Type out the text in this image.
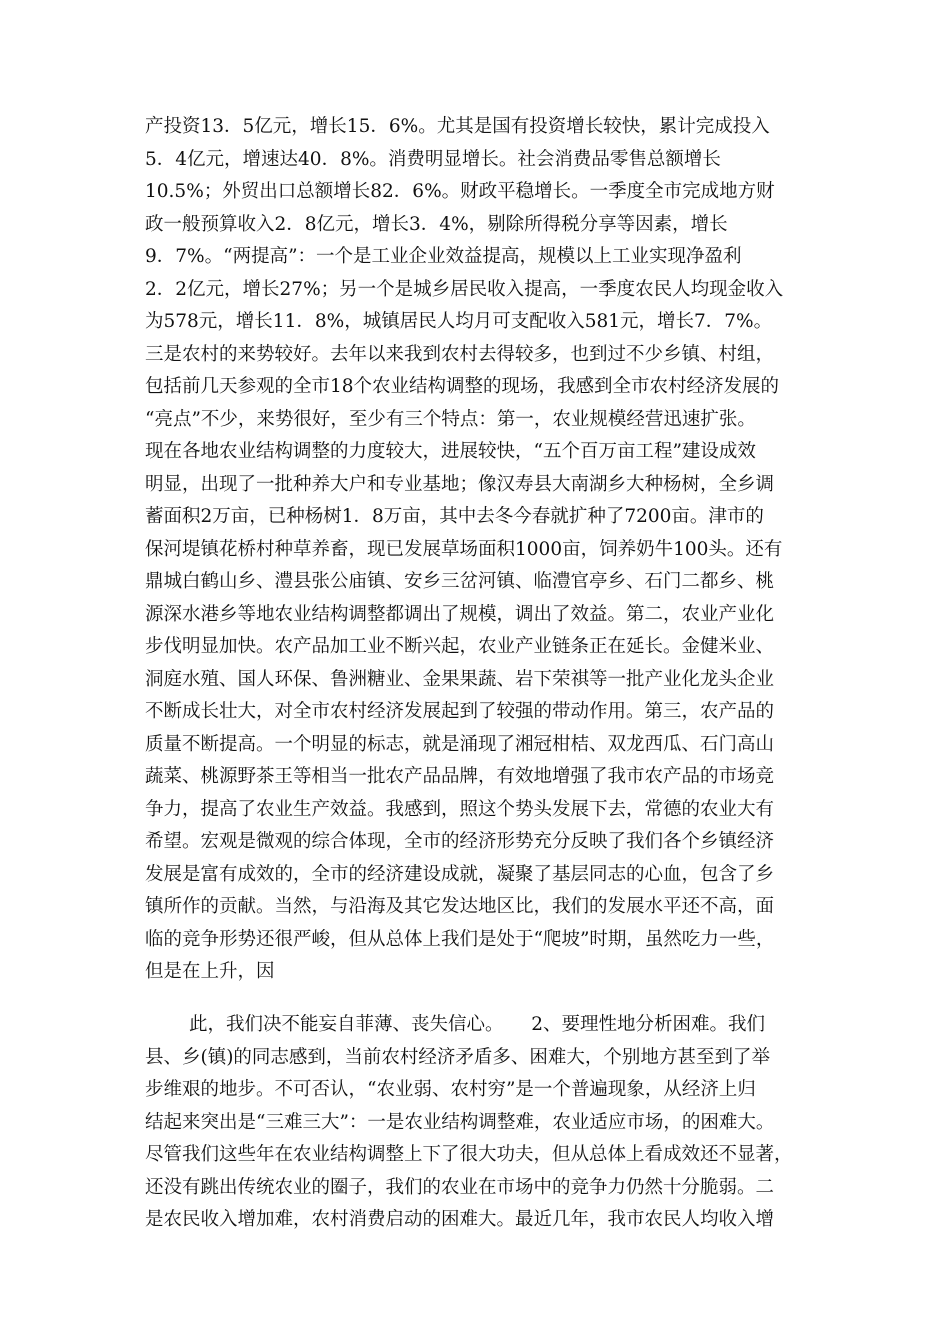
产投资13．5亿元，增长15．6%。尤其是国有投资增长较快，累计完成投入
5．4亿元，增速达40．8%。消费明显增长。社会消费品零售总额增长
10.5%；外贸出口总额增长82．6%。财政平稳增长。一季度全市完成地方财
政一般预算收入2．8亿元，增长3．4%，剔除所得税分享等因素，增长
9．7%。“两提高”：一个是工业企业效益提高，规模以上工业实现净盈利
2．2亿元，增长27%；另一个是城乡居民收入提高，一季度农民人均现金收入
为578元，增长11．8%，城镇居民人均月可支配收入581元，增长7．7%。
三是农村的来势较好。去年以来我到农村去得较多，也到过不少乡镇、村组，
包括前几天参观的全市18个农业结构调整的现场，我感到全市农村经济发展的
“亮点”不少，来势很好，至少有三个特点：第一，农业规模经营迅速扩张。
现在各地农业结构调整的力度较大，进展较快，“五个百万亩工程”建设成效
明显，出现了一批种养大户和专业基地；像汉寿县大南湖乡大种杨树，全乡调
蓄面积2万亩，已种杨树1．8万亩，其中去冬今春就扩种了7200亩。津市的
保河堤镇花桥村种草养畜，现已发展草场面积1000亩，饲养奶牛100头。还有
鼎城白鹤山乡、澧县张公庙镇、安乡三岔河镇、临澧官亭乡、石门二都乡、桃
源深水港乡等地农业结构调整都调出了规模，调出了效益。第二，农业产业化
步伐明显加快。农产品加工业不断兴起，农业产业链条正在延长。金健米业、
洞庭水殖、国人环保、鲁洲糖业、金果果蔬、岩下荣祺等一批产业化龙头企业
不断成长壮大，对全市农村经济发展起到了较强的带动作用。第三，农产品的
质量不断提高。一个明显的标志，就是涌现了湘冠柑桔、双龙西瓜、石门高山
蔬菜、桃源野茶王等相当一批农产品品牌，有效地增强了我市农产品的市场竞
争力，提高了农业生产效益。我感到，照这个势头发展下去，常德的农业大有
希望。宏观是微观的综合体现，全市的经济形势充分反映了我们各个乡镇经济
发展是富有成效的，全市的经济建设成就，凝聚了基层同志的心血，包含了乡
镇所作的贡献。当然，与沿海及其它发达地区比，我们的发展水平还不高，面
临的竞争形势还很严峻，但从总体上我们是处于“爬坡”时期，虽然吃力一些，
但是在上升，因
此，我们决不能妄自菲薄、丧失信心。　　2、要理性地分析困难。我们
县、乡(镇)的同志感到，当前农村经济矛盾多、困难大，个别地方甚至到了举
步维艰的地步。不可否认，“农业弱、农村穷”是一个普遍现象，从经济上归
结起来突出是“三难三大”：一是农业结构调整难，农业适应市场，的困难大。
尽管我们这些年在农业结构调整上下了很大功夫，但从总体上看成效还不显著，
还没有跳出传统农业的圈子，我们的农业在市场中的竞争力仍然十分脆弱。二
是农民收入增加难，农村消费启动的困难大。最近几年，我市农民人均收入增
